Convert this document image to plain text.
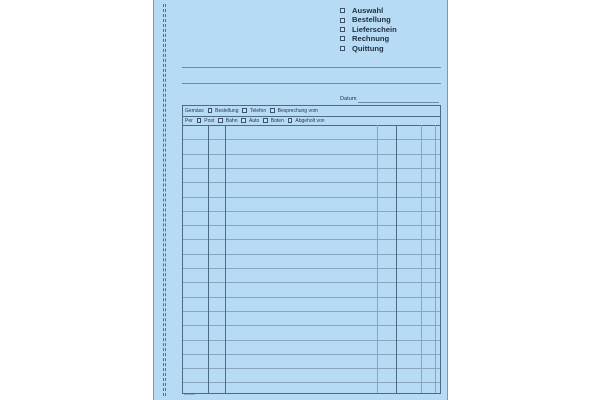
Auswahl
Bestellung
Lieferschein
Rechnung
Quittung
Datum
Gemäss Bestellung Telefon Besprechung vom
Per Post Bahn Auto Boten Abgeholt von
HN6900
